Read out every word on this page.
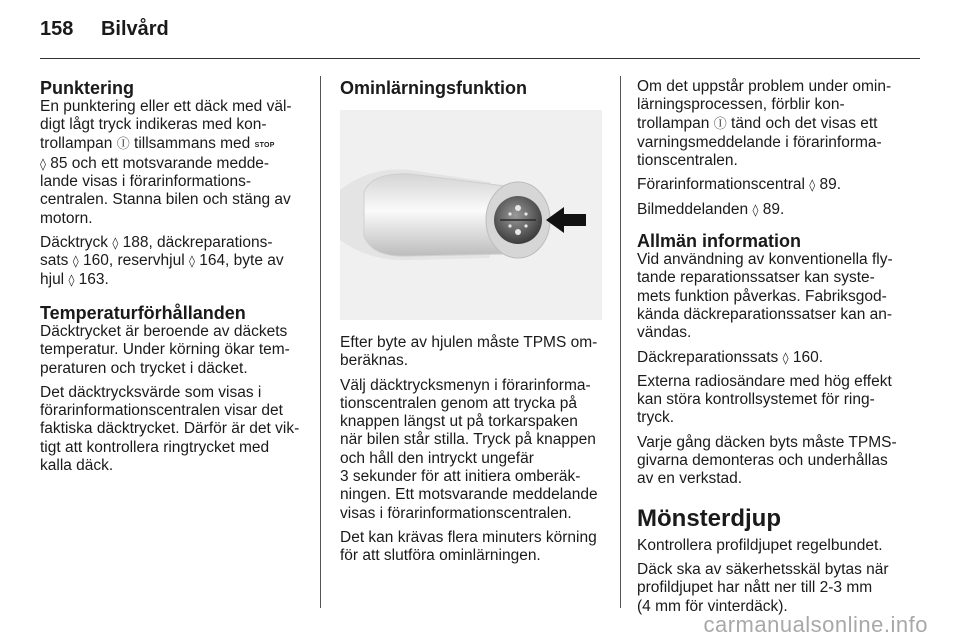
158 Bilvård
Punktering

En punktering eller ett däck med väl-
digt lågt tryck indikeras med kon-
trollampan Ⓘ tillsammans med STOP
◊ 85 och ett motsvarande medde-
lande visas i förarinformations-
centralen. Stanna bilen och stäng av
motorn.

Däcktryck ◊ 188, däckreparations-
sats ◊ 160, reservhjul ◊ 164, byte av
hjul ◊ 163.

Temperaturförhållanden

Däcktrycket är beroende av däckets
temperatur. Under körning ökar tem-
peraturen och trycket i däcket.

Det däcktrycksvärde som visas i
förarinformationscentralen visar det
faktiska däcktrycket. Därför är det vik-
tigt att kontrollera ringtrycket med
kalla däck.

Ominlärningsfunktion

Efter byte av hjulen måste TPMS om-
beräknas.

Välj däcktrycksmenyn i förarinforma-
tionscentralen genom att trycka på
knappen längst ut på torkarspaken
när bilen står stilla. Tryck på knappen
och håll den intryckt ungefär
3 sekunder för att initiera omberäk-
ningen. Ett motsvarande meddelande
visas i förarinformationscentralen.

Det kan krävas flera minuters körning
för att slutföra ominlärningen.

Om det uppstår problem under omin-
lärningsprocessen, förblir kon-
trollampan Ⓘ tänd och det visas ett
varningsmeddelande i förarinforma-
tionscentralen.

Förarinformationscentral ◊ 89.

Bilmeddelanden ◊ 89.

Allmän information

Vid användning av konventionella fly-
tande reparationssatser kan syste-
mets funktion påverkas. Fabriksgod-
kända däckreparationssatser kan an-
vändas.

Däckreparationssats ◊ 160.

Externa radiosändare med hög effekt
kan störa kontrollsystemet för ring-
tryck.

Varje gång däcken byts måste TPMS-
givarna demonteras och underhållas
av en verkstad.

Mönsterdjup

Kontrollera profildjupet regelbundet.

Däck ska av säkerhetsskäl bytas när
profildjupet har nått ner till 2-3 mm
(4 mm för vinterdäck).

carmanualsonline.info
